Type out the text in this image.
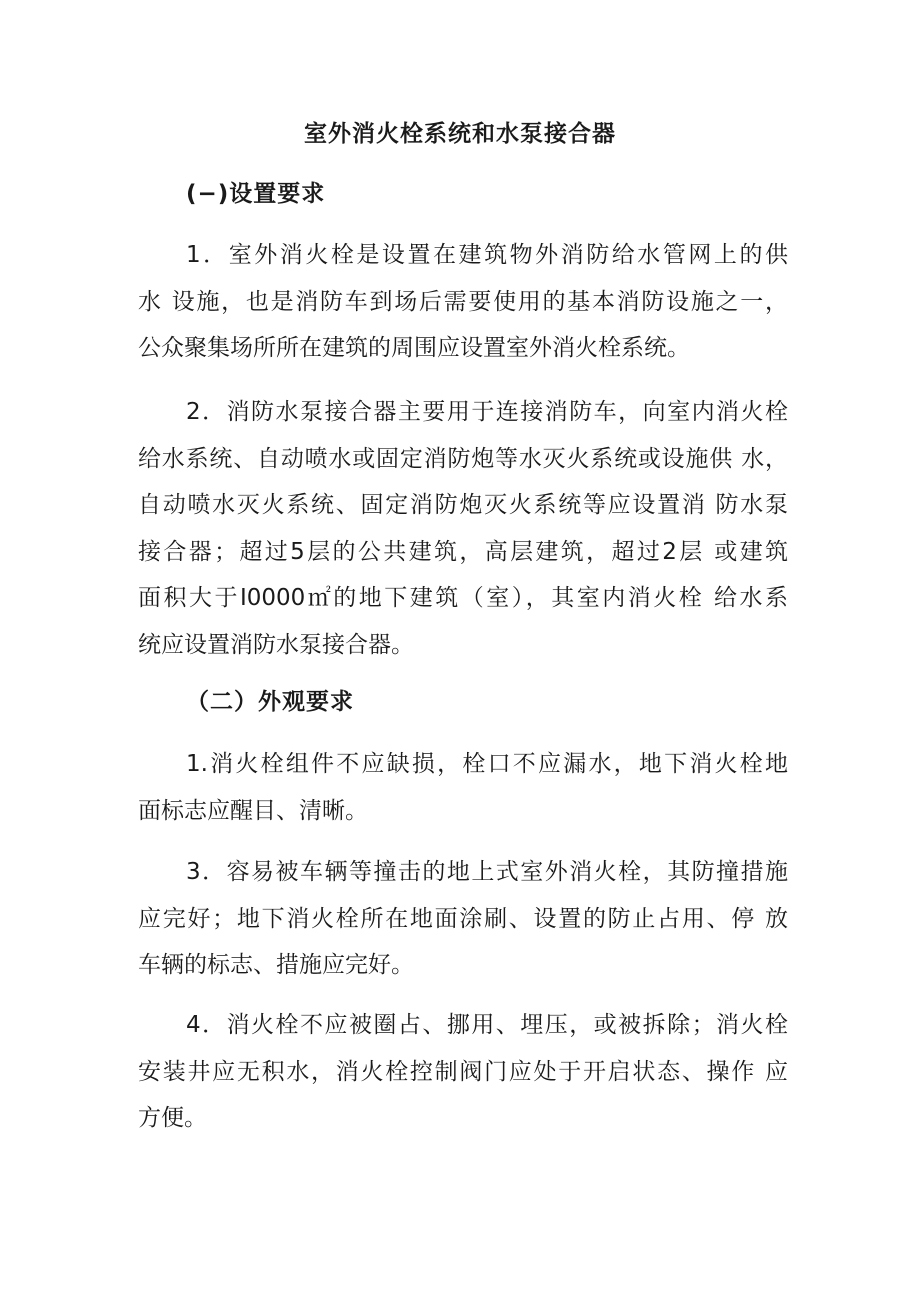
室外消火栓系统和水泵接合器
(−)设置要求
1．室外消火栓是设置在建筑物外消防给水管网上的供
水 设施，也是消防车到场后需要使用的基本消防设施之一，
公众聚集场所所在建筑的周围应设置室外消火栓系统。
2．消防水泵接合器主要用于连接消防车，向室内消火栓
给水系统、自动喷水或固定消防炮等水灭火系统或设施供 水，
自动喷水灭火系统、固定消防炮灭火系统等应设置消 防水泵
接合器；超过5层的公共建筑，高层建筑，超过2层 或建筑
面积大于I0000㎡的地下建筑（室），其室内消火栓 给水系
统应设置消防水泵接合器。
（二）外观要求
1.消火栓组件不应缺损，栓口不应漏水，地下消火栓地
面标志应醒目、清晰。
3．容易被车辆等撞击的地上式室外消火栓，其防撞措施
应完好；地下消火栓所在地面涂刷、设置的防止占用、停 放
车辆的标志、措施应完好。
4．消火栓不应被圈占、挪用、埋压，或被拆除；消火栓
安装井应无积水，消火栓控制阀门应处于开启状态、操作 应
方便。
